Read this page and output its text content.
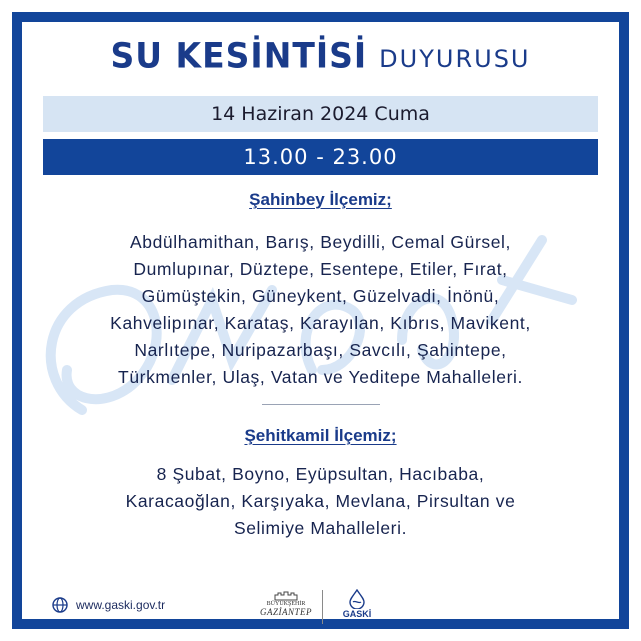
SU KESİNTİSİ DUYURUSU
14 Haziran 2024 Cuma
13.00 - 23.00
Şahinbey İlçemiz;
Abdülhamithan, Barış, Beydilli, Cemal Gürsel,
Dumlupınar, Düztepe, Esentepe, Etiler, Fırat,
Gümüştekin, Güneykent, Güzelvadi, İnönü,
Kahvelipınar, Karataş, Karayılan, Kıbrıs, Mavikent,
Narlıtepe, Nuripazarbaşı, Savcılı, Şahintepe,
Türkmenler, Ulaş, Vatan ve Yeditepe Mahalleleri.
Şehitkamil İlçemiz;
8 Şubat, Boyno, Eyüpsultan, Hacıbaba,
Karacaoğlan, Karşıyaka, Mevlana, Pirsultan ve
Selimiye Mahalleleri.
www.gaski.gov.tr	BÜYÜKŞEHİR
GAZİANTEP	GASKİ
